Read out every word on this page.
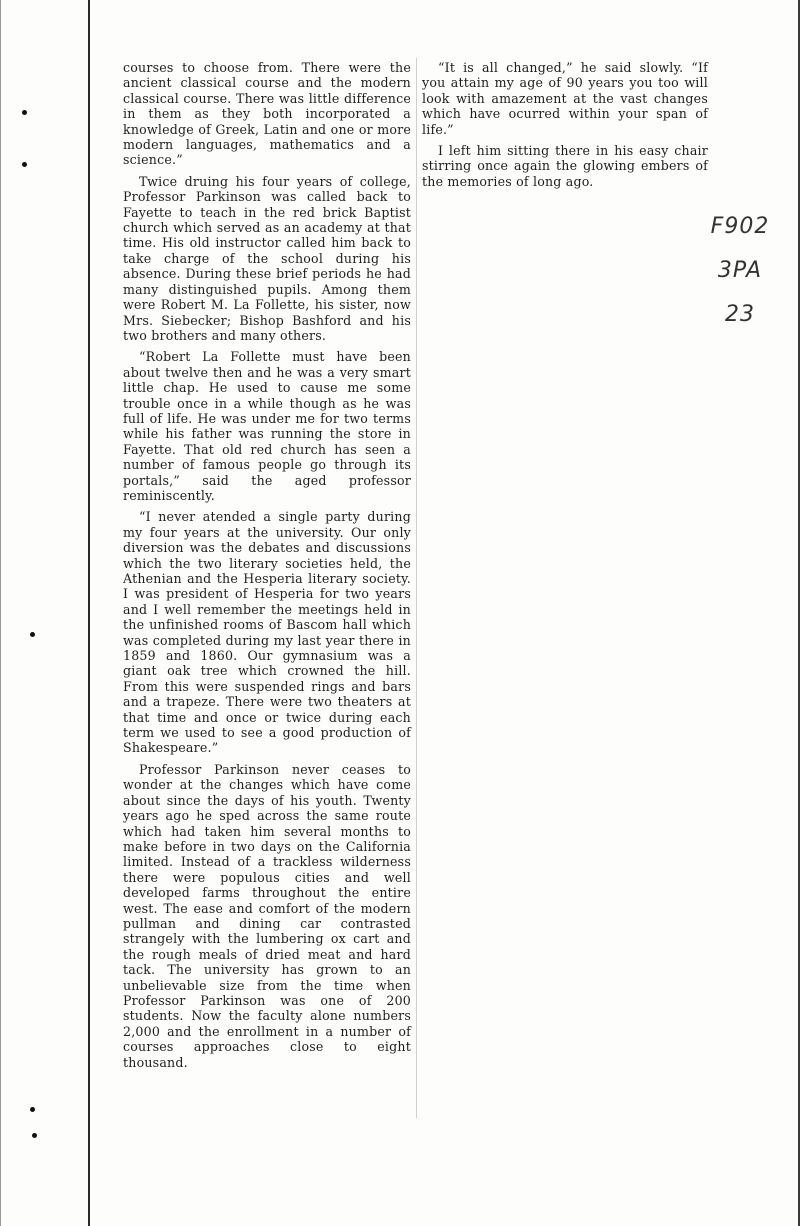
courses to choose from. There were the ancient classical course and the modern classical course. There was little difference in them as they both incorporated a knowledge of Greek, Latin and one or more modern languages, mathematics and a science.”

Twice druing his four years of college, Professor Parkinson was called back to Fayette to teach in the red brick Baptist church which served as an academy at that time. His old instructor called him back to take charge of the school during his absence. During these brief periods he had many distinguished pupils. Among them were Robert M. La Follette, his sister, now Mrs. Siebecker; Bishop Bashford and his two brothers and many others.

“Robert La Follette must have been about twelve then and he was a very smart little chap. He used to cause me some trouble once in a while though as he was full of life. He was under me for two terms while his father was running the store in Fayette. That old red church has seen a number of famous people go through its portals,” said the aged professor reminiscently.

“I never atended a single party during my four years at the university. Our only diversion was the debates and discussions which the two literary societies held, the Athenian and the Hesperia literary society. I was president of Hesperia for two years and I well remember the meetings held in the unfinished rooms of Bascom hall which was completed during my last year there in 1859 and 1860. Our gymnasium was a giant oak tree which crowned the hill. From this were suspended rings and bars and a trapeze. There were two theaters at that time and once or twice during each term we used to see a good production of Shakespeare.”

Professor Parkinson never ceases to wonder at the changes which have come about since the days of his youth. Twenty years ago he sped across the same route which had taken him several months to make before in two days on the California limited. Instead of a trackless wilderness there were populous cities and well developed farms throughout the entire west. The ease and comfort of the modern pullman and dining car contrasted strangely with the lumbering ox cart and the rough meals of dried meat and hard tack. The university has grown to an unbelievable size from the time when Professor Parkinson was one of 200 students. Now the faculty alone numbers 2,000 and the enrollment in a number of courses approaches close to eight thousand.

“It is all changed,” he said slowly. “If you attain my age of 90 years you too will look with amazement at the vast changes which have ocurred within your span of life.”

I left him sitting there in his easy chair stirring once again the glowing embers of the memories of long ago.

F902
3PA
23
